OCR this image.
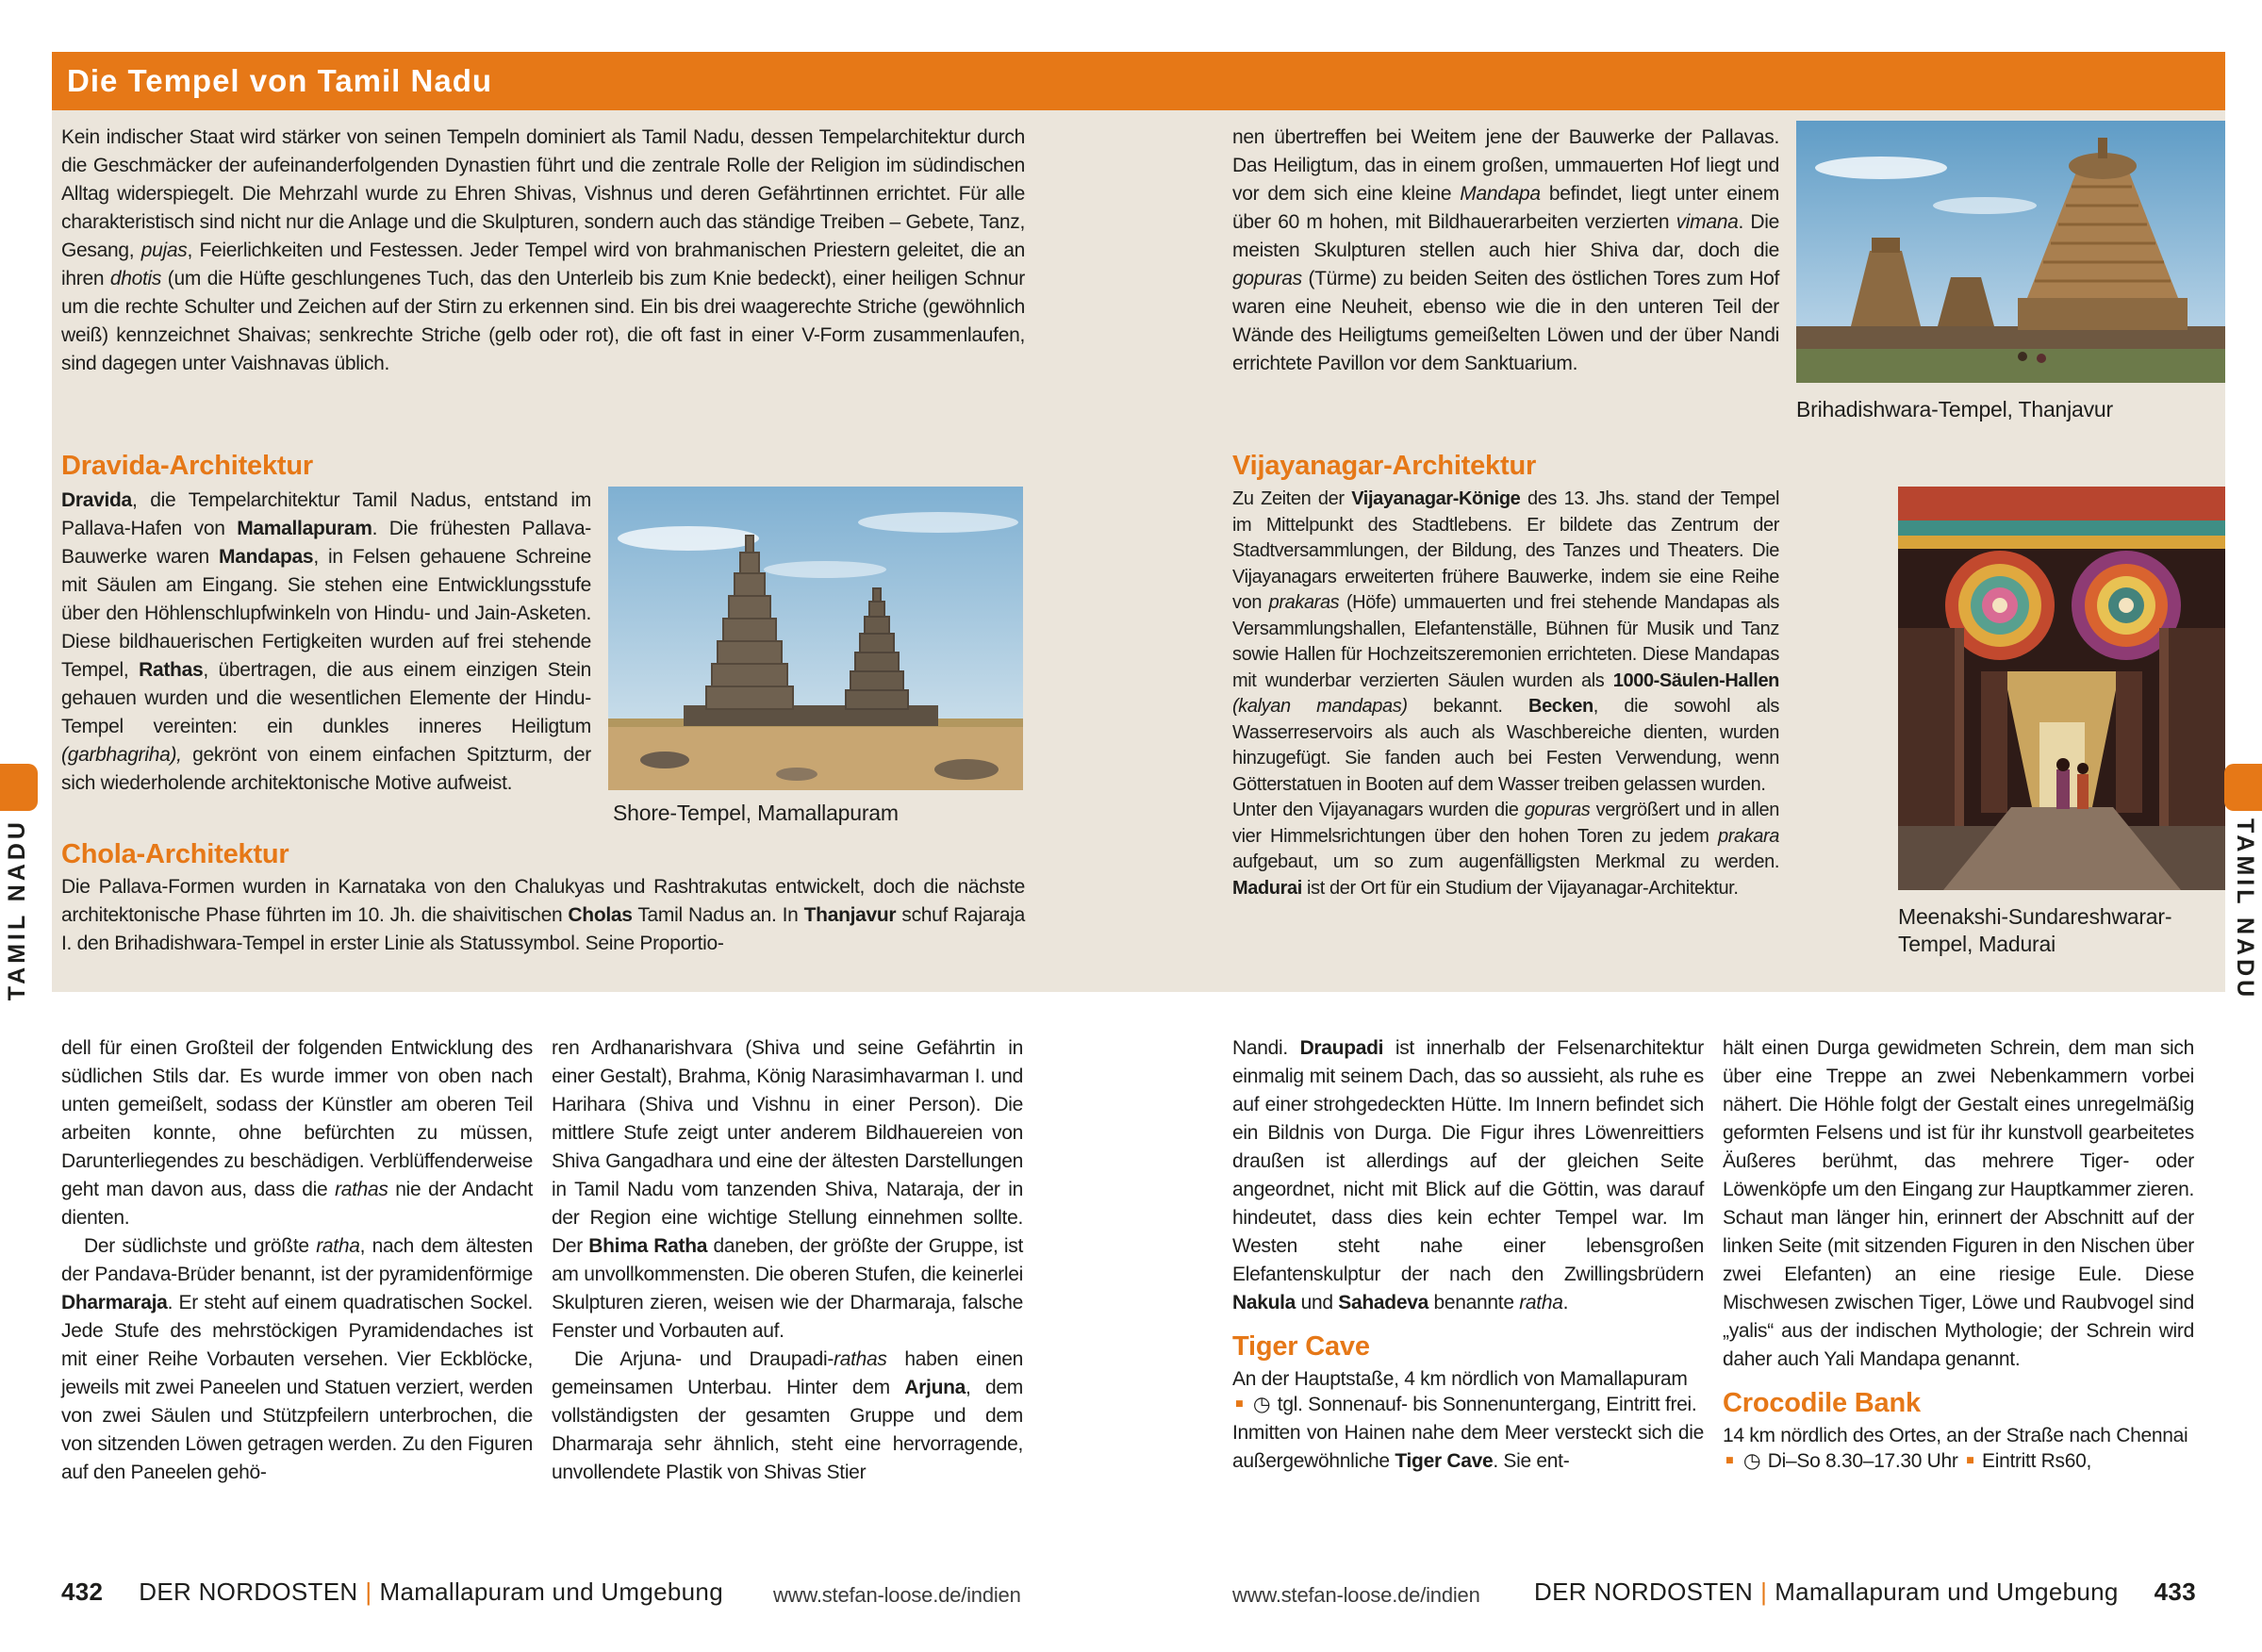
Die Tempel von Tamil Nadu
Kein indischer Staat wird stärker von seinen Tempeln dominiert als Tamil Nadu, dessen Tempelarchitektur durch die Geschmäcker der aufeinanderfolgenden Dynastien führt und die zentrale Rolle der Religion im südindischen Alltag widerspiegelt. Die Mehrzahl wurde zu Ehren Shivas, Vishnus und deren Gefährtinnen errichtet. Für alle charakteristisch sind nicht nur die Anlage und die Skulpturen, sondern auch das ständige Treiben – Gebete, Tanz, Gesang, pujas, Feierlichkeiten und Festessen. Jeder Tempel wird von brahmanischen Priestern geleitet, die an ihren dhotis (um die Hüfte geschlungenes Tuch, das den Unterleib bis zum Knie bedeckt), einer heiligen Schnur um die rechte Schulter und Zeichen auf der Stirn zu erkennen sind. Ein bis drei waagerechte Striche (gewöhnlich weiß) kennzeichnet Shaivas; senkrechte Striche (gelb oder rot), die oft fast in einer V-Form zusammenlaufen, sind dagegen unter Vaishnavas üblich.
Dravida-Architektur
Dravida, die Tempelarchitektur Tamil Nadus, entstand im Pallava-Hafen von Mamallapuram. Die frühesten Pallava-Bauwerke waren Mandapas, in Felsen gehauene Schreine mit Säulen am Eingang. Sie stehen eine Entwicklungsstufe über den Höhlenschlupfwinkeln von Hindu- und Jain-Asketen. Diese bildhauerischen Fertigkeiten wurden auf frei stehende Tempel, Rathas, übertragen, die aus einem einzigen Stein gehauen wurden und die wesentlichen Elemente der Hindu-Tempel vereinten: ein dunkles inneres Heiligtum (garbhagriha), gekrönt von einem einfachen Spitzturm, der sich wiederholende architektonische Motive aufweist.
Shore-Tempel, Mamallapuram
Chola-Architektur
Die Pallava-Formen wurden in Karnataka von den Chalukyas und Rashtrakutas entwickelt, doch die nächste architektonische Phase führten im 10. Jh. die shaivitischen Cholas Tamil Nadus an. In Thanjavur schuf Rajaraja I. den Brihadishwara-Tempel in erster Linie als Statussymbol. Seine Proportio-
nen übertreffen bei Weitem jene der Bauwerke der Pallavas. Das Heiligtum, das in einem großen, ummauerten Hof liegt und vor dem sich eine kleine Mandapa befindet, liegt unter einem über 60 m hohen, mit Bildhauerarbeiten verzierten vimana. Die meisten Skulpturen stellen auch hier Shiva dar, doch die gopuras (Türme) zu beiden Seiten des östlichen Tores zum Hof waren eine Neuheit, ebenso wie die in den unteren Teil der Wände des Heiligtums gemeißelten Löwen und der über Nandi errichtete Pavillon vor dem Sanktuarium.
Brihadishwara-Tempel, Thanjavur
Vijayanagar-Architektur
Zu Zeiten der Vijayanagar-Könige des 13. Jhs. stand der Tempel im Mittelpunkt des Stadtlebens. Er bildete das Zentrum der Stadtversammlungen, der Bildung, des Tanzes und Theaters. Die Vijayanagars erweiterten frühere Bauwerke, indem sie eine Reihe von prakaras (Höfe) ummauerten und frei stehende Mandapas als Versammlungshallen, Elefantenställe, Bühnen für Musik und Tanz sowie Hallen für Hochzeitszeremonien errichteten. Diese Mandapas mit wunderbar verzierten Säulen wurden als 1000-Säulen-Hallen (kalyan mandapas) bekannt. Becken, die sowohl als Wasserreservoirs als auch als Waschbereiche dienten, wurden hinzugefügt. Sie fanden auch bei Festen Verwendung, wenn Götterstatuen in Booten auf dem Wasser treiben gelassen wurden.
Unter den Vijayanagars wurden die gopuras vergrößert und in allen vier Himmelsrichtungen über den hohen Toren zu jedem prakara aufgebaut, um so zum augenfälligsten Merkmal zu werden. Madurai ist der Ort für ein Studium der Vijayanagar-Architektur.
Meenakshi-Sundareshwarar-
Tempel, Madurai
dell für einen Großteil der folgenden Entwicklung des südlichen Stils dar. Es wurde immer von oben nach unten gemeißelt, sodass der Künstler am oberen Teil arbeiten konnte, ohne befürchten zu müssen, Darunterliegendes zu beschädigen. Verblüffenderweise geht man davon aus, dass die rathas nie der Andacht dienten.
Der südlichste und größte ratha, nach dem ältesten der Pandava-Brüder benannt, ist der pyramidenförmige Dharmaraja. Er steht auf einem quadratischen Sockel. Jede Stufe des mehrstöckigen Pyramidendaches ist mit einer Reihe Vorbauten versehen. Vier Eckblöcke, jeweils mit zwei Paneelen und Statuen verziert, werden von zwei Säulen und Stützpfeilern unterbrochen, die von sitzenden Löwen getragen werden. Zu den Figuren auf den Paneelen gehö-
ren Ardhanarishvara (Shiva und seine Gefährtin in einer Gestalt), Brahma, König Narasimhavarman I. und Harihara (Shiva und Vishnu in einer Person). Die mittlere Stufe zeigt unter anderem Bildhauereien von Shiva Gangadhara und eine der ältesten Darstellungen in Tamil Nadu vom tanzenden Shiva, Nataraja, der in der Region eine wichtige Stellung einnehmen sollte. Der Bhima Ratha daneben, der größte der Gruppe, ist am unvollkommensten. Die oberen Stufen, die keinerlei Skulpturen zieren, weisen wie der Dharmaraja, falsche Fenster und Vorbauten auf.
Die Arjuna- und Draupadi-rathas haben einen gemeinsamen Unterbau. Hinter dem Arjuna, dem vollständigsten der gesamten Gruppe und dem Dharmaraja sehr ähnlich, steht eine hervorragende, unvollendete Plastik von Shivas Stier
Nandi. Draupadi ist innerhalb der Felsenarchitektur einmalig mit seinem Dach, das so aussieht, als ruhe es auf einer strohgedeckten Hütte. Im Innern befindet sich ein Bildnis von Durga. Die Figur ihres Löwenreittiers draußen ist allerdings auf der gleichen Seite angeordnet, nicht mit Blick auf die Göttin, was darauf hindeutet, dass dies kein echter Tempel war. Im Westen steht nahe einer lebensgroßen Elefantenskulptur der nach den Zwillingsbrüdern Nakula und Sahadeva benannte ratha.
Tiger Cave
An der Hauptstaße, 4 km nördlich von Mamallapuram ■ ◷ tgl. Sonnenauf- bis Sonnenuntergang, Eintritt frei.
Inmitten von Hainen nahe dem Meer versteckt sich die außergewöhnliche Tiger Cave. Sie ent-
hält einen Durga gewidmeten Schrein, dem man sich über eine Treppe an zwei Nebenkammern vorbei nähert. Die Höhle folgt der Gestalt eines unregelmäßig geformten Felsens und ist für ihr kunstvoll gearbeitetes Äußeres berühmt, das mehrere Tiger- oder Löwenköpfe um den Eingang zur Hauptkammer zieren. Schaut man länger hin, erinnert der Abschnitt auf der linken Seite (mit sitzenden Figuren in den Nischen über zwei Elefanten) an eine riesige Eule. Diese Mischwesen zwischen Tiger, Löwe und Raubvogel sind „yalis“ aus der indischen Mythologie; der Schrein wird daher auch Yali Mandapa genannt.
Crocodile Bank
14 km nördlich des Ortes, an der Straße nach Chennai ■ ◷ Di–So 8.30–17.30 Uhr ■ Eintritt Rs60,
432 DER NORDOSTEN | Mamallapuram und Umgebung www.stefan-loose.de/indien	www.stefan-loose.de/indien DER NORDOSTEN | Mamallapuram und Umgebung 433
TAMIL NADU	TAMIL NADU
